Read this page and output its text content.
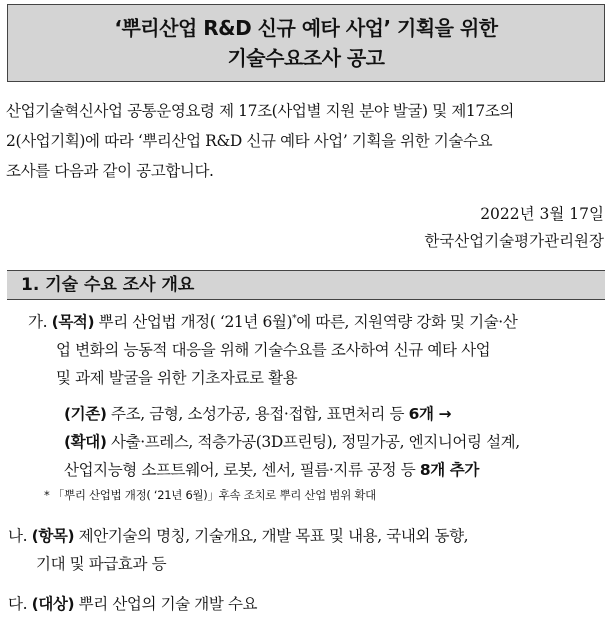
‘뿌리산업 R&D 신규 예타 사업’ 기획을 위한
기술수요조사 공고

산업기술혁신사업 공통운영요령 제 17조(사업별 지원 분야 발굴) 및 제17조의

2(사업기획)에 따라 ‘뿌리산업 R&D 신규 예타 사업’ 기획을 위한 기술수요

조사를 다음과 같이 공고합니다.

2022년 3월 17일
한국산업기술평가관리원장
1. 기술 수요 조사 개요
가. (목적) 뿌리 산업법 개정( ‘21년 6월)*에 따른, 지원역량 강화 및 기술·산
업 변화의 능동적 대응을 위해 기술수요를 조사하여 신규 예타 사업
및 과제 발굴을 위한 기초자료로 활용
(기존) 주조, 금형, 소성가공, 용접·접합, 표면처리 등 6개 →
(확대) 사출·프레스, 적층가공(3D프린팅), 정밀가공, 엔지니어링 설계,
산업지능형 소프트웨어, 로봇, 센서, 필름·지류 공정 등 8개 추가
* 「뿌리 산업법 개정( ‘21년 6월)」후속 조치로 뿌리 산업 범위 확대
나. (항목) 제안기술의 명칭, 기술개요, 개발 목표 및 내용, 국내외 동향,
기대 및 파급효과 등
다. (대상) 뿌리 산업의 기술 개발 수요
